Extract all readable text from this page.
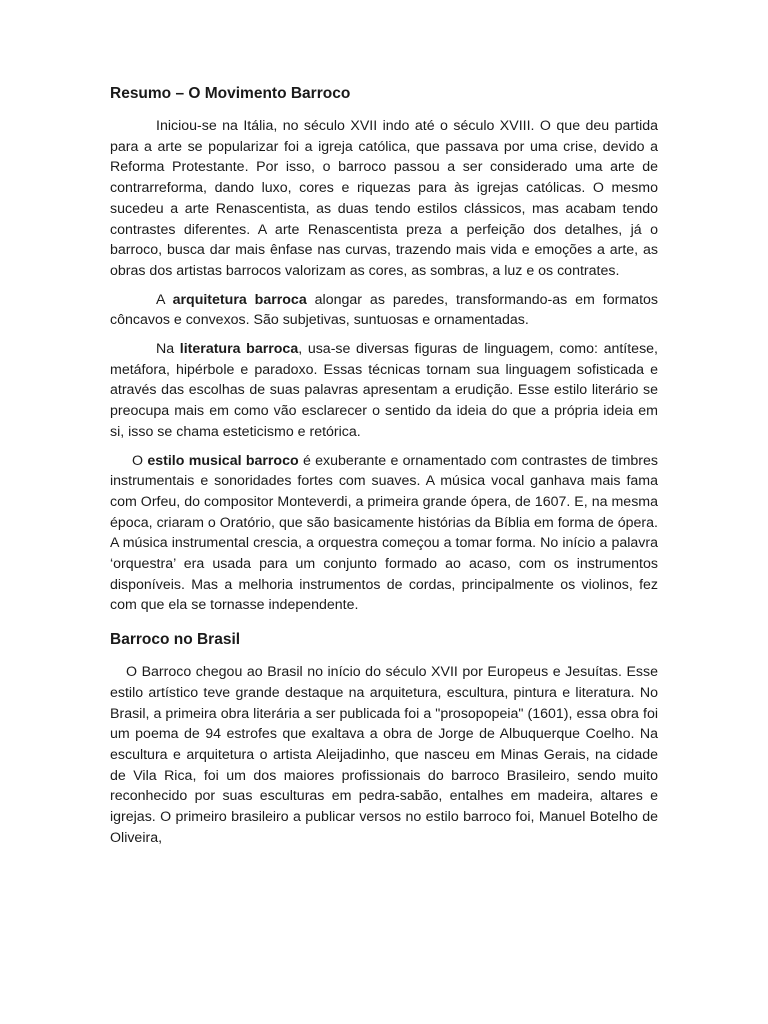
Resumo – O Movimento Barroco

Iniciou-se na Itália, no século XVII indo até o século XVIII. O que deu partida para a arte se popularizar foi a igreja católica, que passava por uma crise, devido a Reforma Protestante. Por isso, o barroco passou a ser considerado uma arte de contrarreforma, dando luxo, cores e riquezas para às igrejas católicas. O mesmo sucedeu a arte Renascentista, as duas tendo estilos clássicos, mas acabam tendo contrastes diferentes. A arte Renascentista preza a perfeição dos detalhes, já o barroco, busca dar mais ênfase nas curvas, trazendo mais vida e emoções a arte, as obras dos artistas barrocos valorizam as cores, as sombras, a luz e os contrates.

A arquitetura barroca alongar as paredes, transformando-as em formatos côncavos e convexos. São subjetivas, suntuosas e ornamentadas.

Na literatura barroca, usa-se diversas figuras de linguagem, como: antítese, metáfora, hipérbole e paradoxo. Essas técnicas tornam sua linguagem sofisticada e através das escolhas de suas palavras apresentam a erudição. Esse estilo literário se preocupa mais em como vão esclarecer o sentido da ideia do que a própria ideia em si, isso se chama esteticismo e retórica.

O estilo musical barroco é exuberante e ornamentado com contrastes de timbres instrumentais e sonoridades fortes com suaves. A música vocal ganhava mais fama com Orfeu, do compositor Monteverdi, a primeira grande ópera, de 1607. E, na mesma época, criaram o Oratório, que são basicamente histórias da Bíblia em forma de ópera. A música instrumental crescia, a orquestra começou a tomar forma. No início a palavra ‘orquestra’ era usada para um conjunto formado ao acaso, com os instrumentos disponíveis. Mas a melhoria instrumentos de cordas, principalmente os violinos, fez com que ela se tornasse independente.

Barroco no Brasil

O Barroco chegou ao Brasil no início do século XVII por Europeus e Jesuítas. Esse estilo artístico teve grande destaque na arquitetura, escultura, pintura e literatura. No Brasil, a primeira obra literária a ser publicada foi a "prosopopeia" (1601), essa obra foi um poema de 94 estrofes que exaltava a obra de Jorge de Albuquerque Coelho. Na escultura e arquitetura o artista Aleijadinho, que nasceu em Minas Gerais, na cidade de Vila Rica, foi um dos maiores profissionais do barroco Brasileiro, sendo muito reconhecido por suas esculturas em pedra-sabão, entalhes em madeira, altares e igrejas. O primeiro brasileiro a publicar versos no estilo barroco foi, Manuel Botelho de Oliveira,
